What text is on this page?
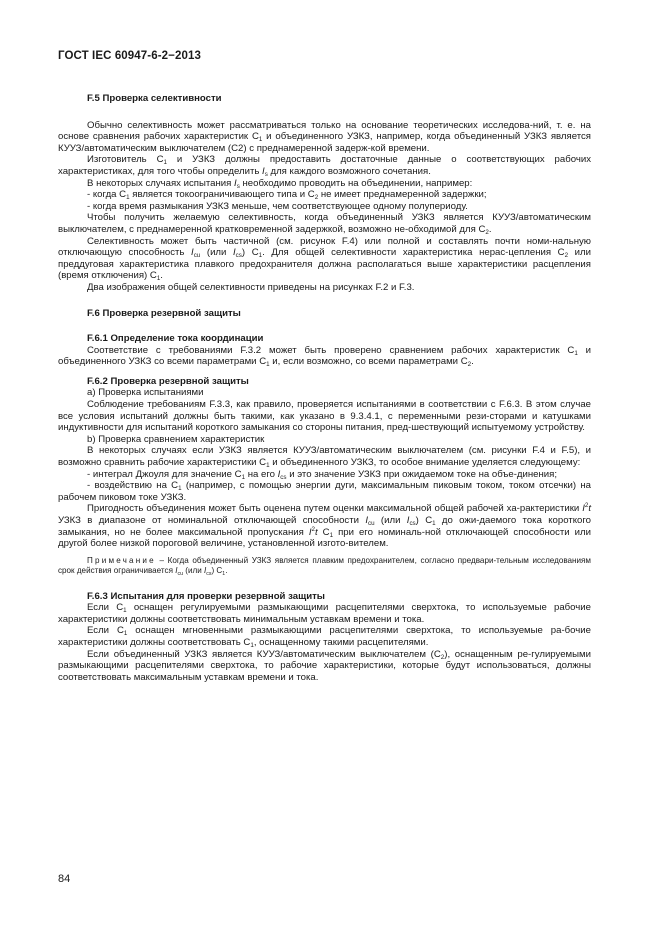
ГОСТ IEC 60947-6-2−2013
F.5 Проверка селективности

Обычно селективность может рассматриваться только на основание теоретических исследова-ний, т. е. на основе сравнения рабочих характеристик $С_1$ и объединенного УЗКЗ, например, когда объединенный УЗКЗ является КУУЗ/автоматическим выключателем (С2) с преднамеренной задерж-кой времени.

Изготовитель $С_1$ и УЗКЗ должны предоставить достаточные данные о соответствующих рабочих характеристиках, для того чтобы определить $I_s$ для каждого возможного сочетания.

В некоторых случаях испытания $I_s$ необходимо проводить на объединении, например:

- когда $С_1$ является токоограничивающего типа и $С_2$ не имеет преднамеренной задержки;

- когда время размыкания УЗКЗ меньше, чем соответствующее одному полупериоду.

Чтобы получить желаемую селективность, когда объединенный УЗКЗ является КУУЗ/автоматическим выключателем, с преднамеренной кратковременной задержкой, возможно не-обходимой для $С_2$.

Селективность может быть частичной (см. рисунок F.4) или полной и составлять почти номи-нальную отключающую способность $I_{cu}$ (или $I_{cs}$) $С_1$. Для общей селективности характеристика нерас-цепления $С_2$ или преддуговая характеристика плавкого предохранителя должна располагаться выше характеристики расцепления (время отключения) $С_1$.

Два изображения общей селективности приведены на рисунках F.2 и F.3.

F.6 Проверка резервной защиты
F.6.1 Определение тока координации

Соответствие с требованиями F.3.2 может быть проверено сравнением рабочих характеристик $С_1$ и объединенного УЗКЗ со всеми параметрами $С_1$ и, если возможно, со всеми параметрами $С_2$.

F.6.2 Проверка резервной защиты

а) Проверка испытаниями

Соблюдение требованиям F.3.3, как правило, проверяется испытаниями в соответствии с F.6.3. В этом случае все условия испытаний должны быть такими, как указано в 9.3.4.1, с переменными рези-сторами и катушками индуктивности для испытаний короткого замыкания со стороны питания, пред-шествующий испытуемому устройству.

b) Проверка сравнением характеристик

В некоторых случаях если УЗКЗ является КУУЗ/автоматическим выключателем (см. рисунки F.4 и F.5), и возможно сравнить рабочие характеристики $С_1$ и объединенного УЗКЗ, то особое внимание уделяется следующему:

- интеграл Джоуля для значение $С_1$ на его $I_{cs}$ и это значение УЗКЗ при ожидаемом токе на объе-динения;

- воздействию на $С_1$ (например, с помощью энергии дуги, максимальным пиковым током, током отсечки) на рабочем пиковом токе УЗКЗ.

Пригодность объединения может быть оценена путем оценки максимальной общей рабочей ха-рактеристики $I^2t$ УЗКЗ в диапазоне от номинальной отключающей способности $I_{cu}$ (или $I_{cs}$) $С_1$ до ожи-даемого тока короткого замыкания, но не более максимальной пропускания $I^2t$ $С_1$ при его номиналь-ной отключающей способности или другой более низкой пороговой величине, установленной изгото-вителем.

Примечание – Когда объединенный УЗКЗ является плавким предохранителем, согласно предвари-тельным исследованиям срок действия ограничивается $I_{cu}$ (или $I_{cs}$) $С_1$.
F.6.3 Испытания для проверки резервной защиты

Если $С_1$ оснащен регулируемыми размыкающими расцепителями сверхтока, то используемые рабочие характеристики должны соответствовать минимальным уставкам времени и тока.

Если $С_1$ оснащен мгновенными размыкающими расцепителями сверхтока, то используемые ра-бочие характеристики должны соответствовать $С_1$, оснащенному такими расцепителями.

Если объединенный УЗКЗ является КУУЗ/автоматическим выключателем $(С_2)$, оснащенным ре-гулируемыми размыкающими расцепителями сверхтока, то рабочие характеристики, которые будут использоваться, должны соответствовать максимальным уставкам времени и тока.

84
